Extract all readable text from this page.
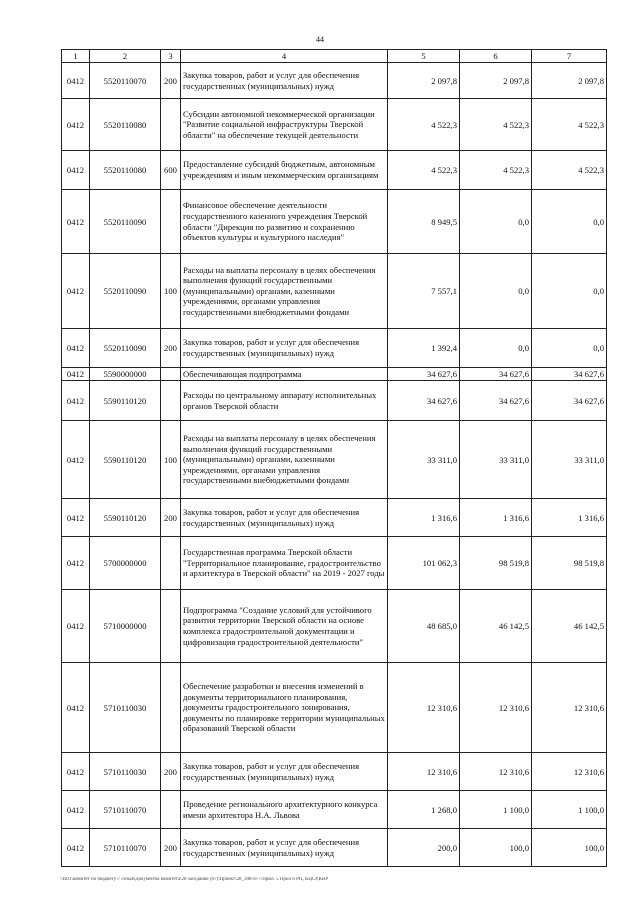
44
1	2	3	4	5	6	7
0412	5520110070	200	Закупка товаров, работ и услуг для обеспечения государственных (муниципальных) нужд	2 097,8	2 097,8	2 097,8
0412	5520110080		Субсидии автономной некоммерческой организации "Развитие социальной инфраструктуры Тверской области" на обеспечение текущей деятельности	4 522,3	4 522,3	4 522,3
0412	5520110080	600	Предоставление субсидий бюджетным, автономным учреждениям и иным некоммерческим организациям	4 522,3	4 522,3	4 522,3
0412	5520110090		Финансовое обеспечение деятельности государственного казенного учреждения Тверской области "Дирекция по развитию и сохранению объектов культуры и культурного наследия"	8 949,5	0,0	0,0
0412	5520110090	100	Расходы на выплаты персоналу в целях обеспечения выполнения функций государственными (муниципальными) органами, казенными учреждениями, органами управления государственными внебюджетными фондами	7 557,1	0,0	0,0
0412	5520110090	200	Закупка товаров, работ и услуг для обеспечения государственных (муниципальных) нужд	1 392,4	0,0	0,0
0412	5590000000		Обеспечивающая подпрограмма	34 627,6	34 627,6	34 627,6
0412	5590110120		Расходы по центральному аппарату исполнительных органов Тверской области	34 627,6	34 627,6	34 627,6
0412	5590110120	100	Расходы на выплаты персоналу в целях обеспечения выполнения функций государственными (муниципальными) органами, казенными учреждениями, органами управления государственными внебюджетными фондами	33 311,0	33 311,0	33 311,0
0412	5590110120	200	Закупка товаров, работ и услуг для обеспечения государственных (муниципальных) нужд	1 316,6	1 316,6	1 316,6
0412	5700000000		Государственная программа Тверской области "Территориальное планирование, градостроительство и архитектура в Тверской области" на 2019 - 2027 годы	101 062,3	98 519,8	98 519,8
0412	5710000000		Подпрограмма "Создание условий для устойчивого развития территории Тверской области на основе комплекса градостроительной документации и цифровизация градостроительной деятельности"	48 685,0	46 142,5	46 142,5
0412	5710110030		Обеспечение разработки и внесения изменений в документы территориального планирования, документы градостроительного зонирования, документы по планировке территории муниципальных образований Тверской области	12 310,6	12 310,6	12 310,6
0412	5710110030	200	Закупка товаров, работ и услуг для обеспечения государственных (муниципальных) нужд	12 310,6	12 310,6	12 310,6
0412	5710110070		Проведение регионального архитектурного конкурса имени архитектора Н.А. Львова	1 268,0	1 100,0	1 100,0
0412	5710110070	200	Закупка товаров, работ и услуг для обеспечения государственных (муниципальных) нужд	200,0	100,0	100,0
\\fs01\комитет по бюджету\7 созыв\Документы комитета\28 заседание (07)\Проект\28_308-П-7\Прил. 5 Прил 6 РП, КЦСР,КВР
